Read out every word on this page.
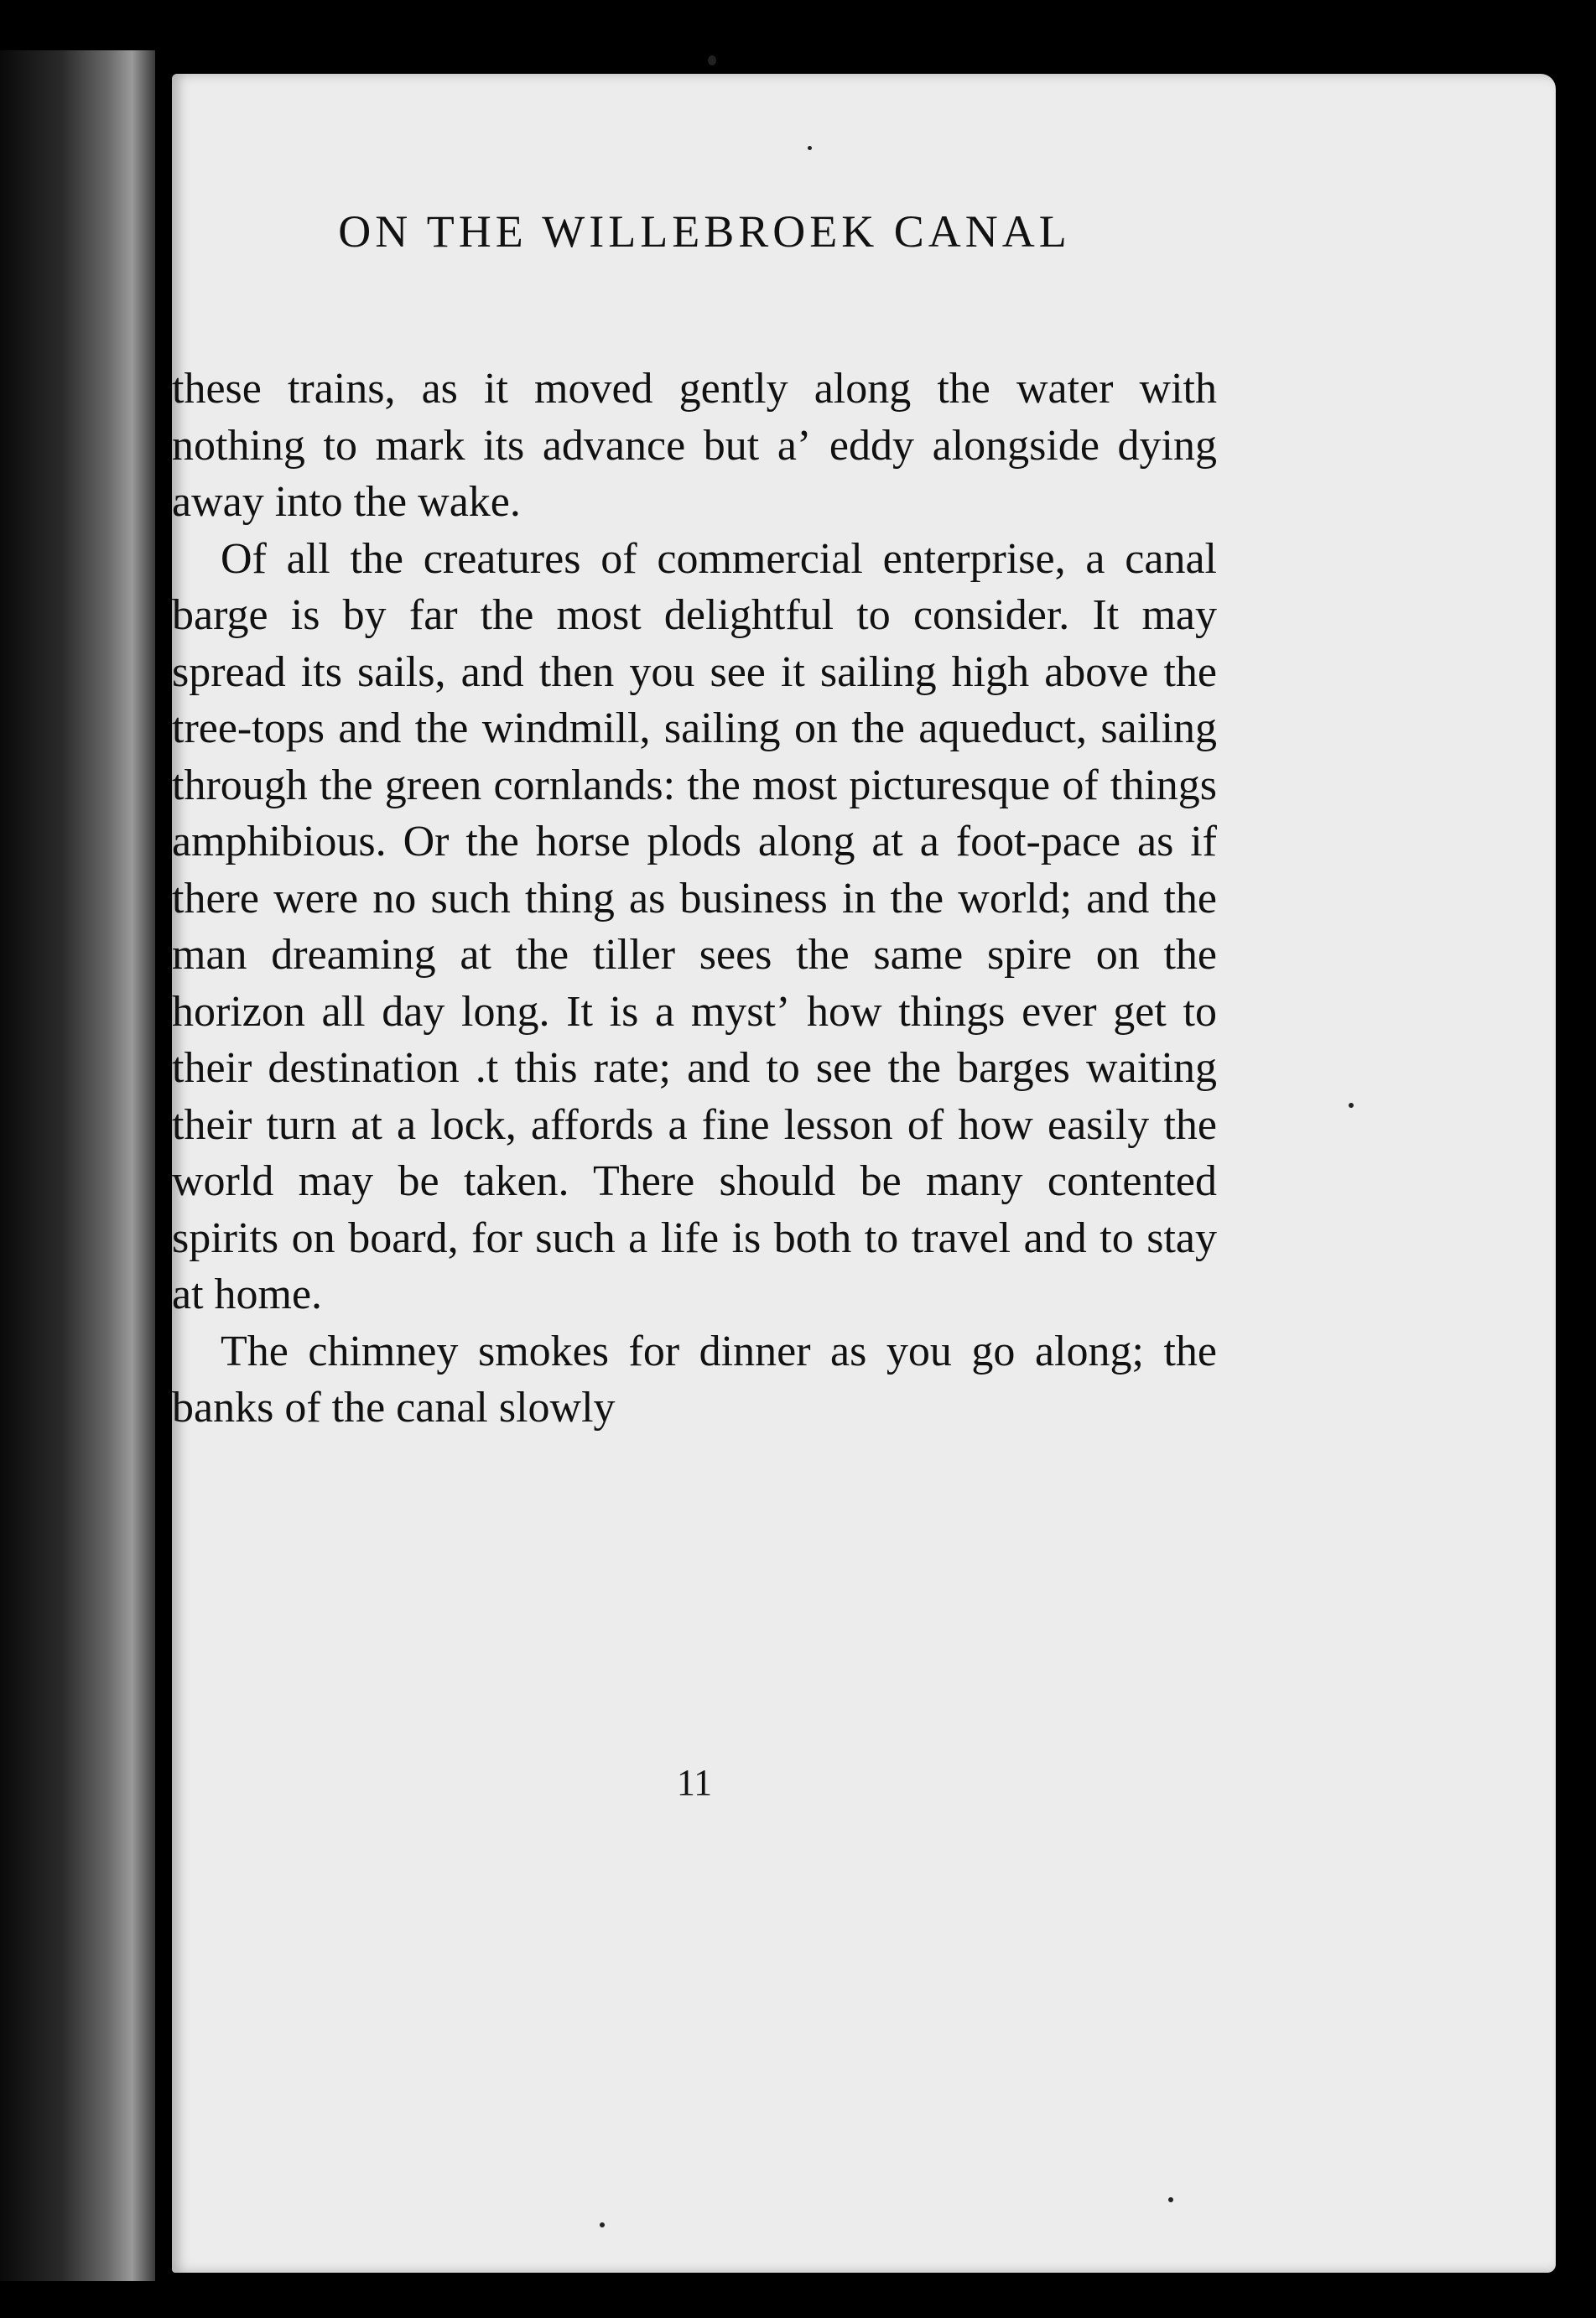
ON THE WILLEBROEK CANAL

these trains, as it moved gently along the water with nothing to mark its advance but aʼ eddy alongside dying away into the wake.

Of all the creatures of commercial enterprise, a canal barge is by far the most delightful to consider. It may spread its sails, and then you see it sailing high above the tree-tops and the windmill, sailing on the aqueduct, sailing through the green cornlands: the most picturesque of things amphibious. Or the horse plods along at a foot-pace as if there were no such thing as business in the world; and the man dreaming at the tiller sees the same spire on the horizon all day long. It is a mystʼ how things ever get to their destination .t this rate; and to see the barges waiting their turn at a lock, affords a fine lesson of how easily the world may be taken. There should be many contented spirits on board, for such a life is both to travel and to stay at home.

The chimney smokes for dinner as you go along; the banks of the canal slowly

11
